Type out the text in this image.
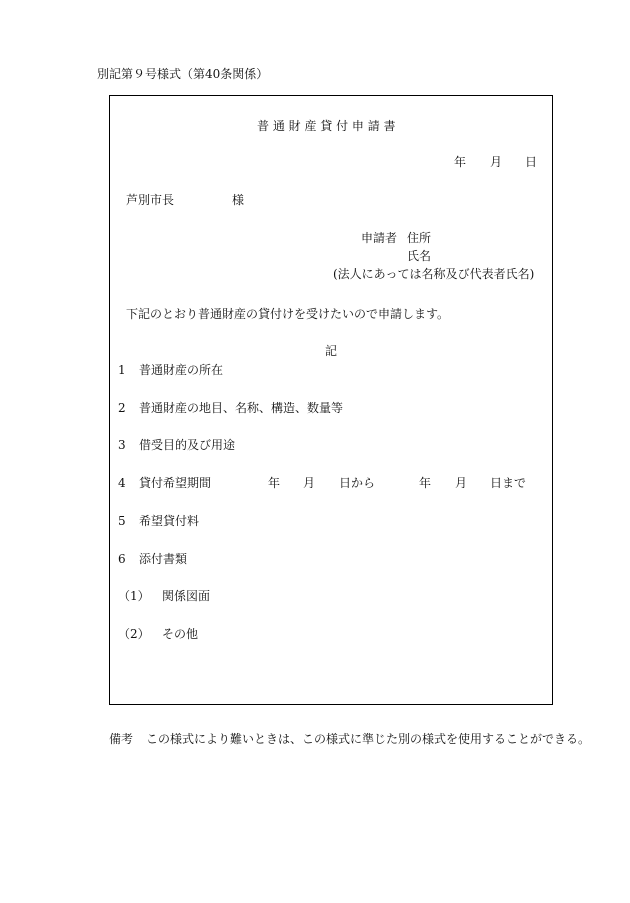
別記第９号様式（第40条関係）
普 通 財 産 貸 付 申 請 書
年 月 日
芦別市長	様
申請者 住所
氏名
(法人にあっては名称及び代表者氏名)
下記のとおり普通財産の貸付けを受けたいので申請します。
記
1 普通財産の所在
2 普通財産の地目、名称、構造、数量等
3 借受目的及び用途
4 貸付希望期間	年 月 日から	年 月 日まで
5 希望貸付料
6 添付書類
（1） 関係図面
（2） その他
備考 この様式により難いときは、この様式に準じた別の様式を使用することができる。
